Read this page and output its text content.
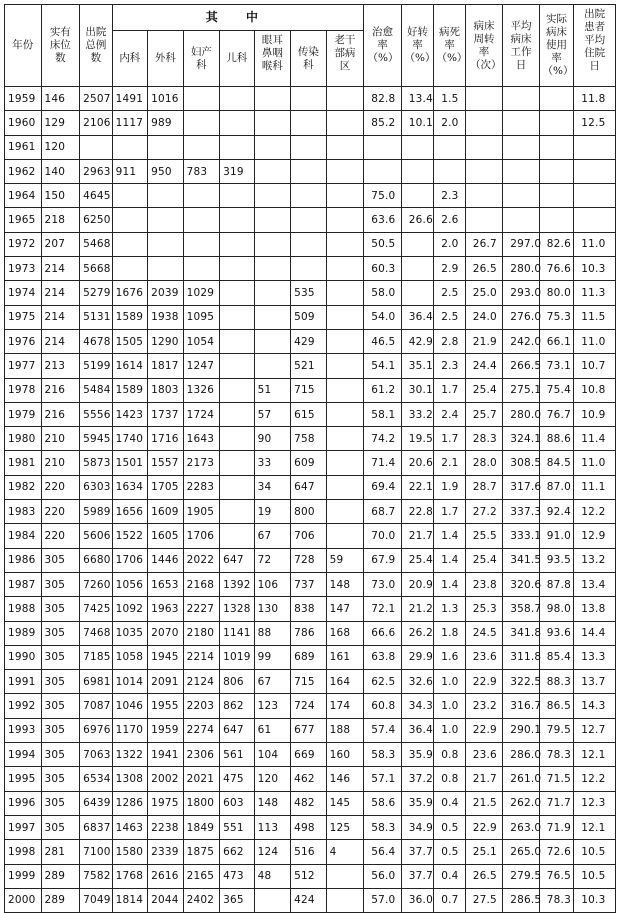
年份	实有床位数	出院总例数	其 中							治愈率（%）	好转率（%）	病死率（%）	病床周转率（次）	平均病床工作日	实际病床使用率（%）	出院患者平均住院日
			内科	外科	妇产科	儿科	眼耳鼻咽喉科	传染科	老干部病区							
1959	146	2507	1491	1016						82.8	13.4	1.5				11.8
1960	129	2106	1117	989						85.2	10.1	2.0				12.5
1961	120															
1962	140	2963	911	950	783	319										
1964	150	4645								75.0		2.3				
1965	218	6250								63.6	26.6	2.6				
1972	207	5468								50.5		2.0	26.7	297.0	82.6	11.0
1973	214	5668								60.3		2.9	26.5	280.0	76.6	10.3
1974	214	5279	1676	2039	1029			535		58.0		2.5	25.0	293.0	80.0	11.3
1975	214	5131	1589	1938	1095			509		54.0	36.4	2.5	24.0	276.0	75.3	11.5
1976	214	4678	1505	1290	1054			429		46.5	42.9	2.8	21.9	242.0	66.1	11.0
1977	213	5199	1614	1817	1247			521		54.1	35.1	2.3	24.4	266.5	73.1	10.7
1978	216	5484	1589	1803	1326		51	715		61.2	30.1	1.7	25.4	275.1	75.4	10.8
1979	216	5556	1423	1737	1724		57	615		58.1	33.2	2.4	25.7	280.0	76.7	10.9
1980	210	5945	1740	1716	1643		90	758		74.2	19.5	1.7	28.3	324.1	88.6	11.4
1981	210	5873	1501	1557	2173		33	609		71.4	20.6	2.1	28.0	308.5	84.5	11.0
1982	220	6303	1634	1705	2283		34	647		69.4	22.1	1.9	28.7	317.6	87.0	11.1
1983	220	5989	1656	1609	1905		19	800		68.7	22.8	1.7	27.2	337.3	92.4	12.2
1984	220	5606	1522	1605	1706		67	706		70.0	21.7	1.4	25.5	333.1	91.0	12.9
1986	305	6680	1706	1446	2022	647	72	728	59	67.9	25.4	1.4	25.4	341.5	93.5	13.2
1987	305	7260	1056	1653	2168	1392	106	737	148	73.0	20.9	1.4	23.8	320.6	87.8	13.4
1988	305	7425	1092	1963	2227	1328	130	838	147	72.1	21.2	1.3	25.3	358.7	98.0	13.8
1989	305	7468	1035	2070	2180	1141	88	786	168	66.6	26.2	1.8	24.5	341.8	93.6	14.4
1990	305	7185	1058	1945	2214	1019	99	689	161	63.8	29.9	1.6	23.6	311.8	85.4	13.3
1991	305	6981	1014	2091	2124	806	67	715	164	62.5	32.6	1.0	22.9	322.5	88.3	13.7
1992	305	7087	1046	1955	2203	862	123	724	174	60.8	34.3	1.0	23.2	316.7	86.5	14.3
1993	305	6976	1170	1959	2274	647	61	677	188	57.4	36.4	1.0	22.9	290.1	79.5	12.7
1994	305	7063	1322	1941	2306	561	104	669	160	58.3	35.9	0.8	23.6	286.0	78.3	12.1
1995	305	6534	1308	2002	2021	475	120	462	146	57.1	37.2	0.8	21.7	261.0	71.5	12.2
1996	305	6439	1286	1975	1800	603	148	482	145	58.6	35.9	0.4	21.5	262.0	71.7	12.3
1997	305	6837	1463	2238	1849	551	113	498	125	58.3	34.9	0.5	22.9	263.0	71.9	12.1
1998	281	7100	1580	2339	1875	662	124	516	4	56.4	37.7	0.5	25.1	265.0	72.6	10.5
1999	289	7582	1768	2616	2165	473	48	512		56.0	37.7	0.4	26.5	279.5	76.5	10.5
2000	289	7049	1814	2044	2402	365		424		57.0	36.0	0.7	27.5	286.5	78.3	10.3
